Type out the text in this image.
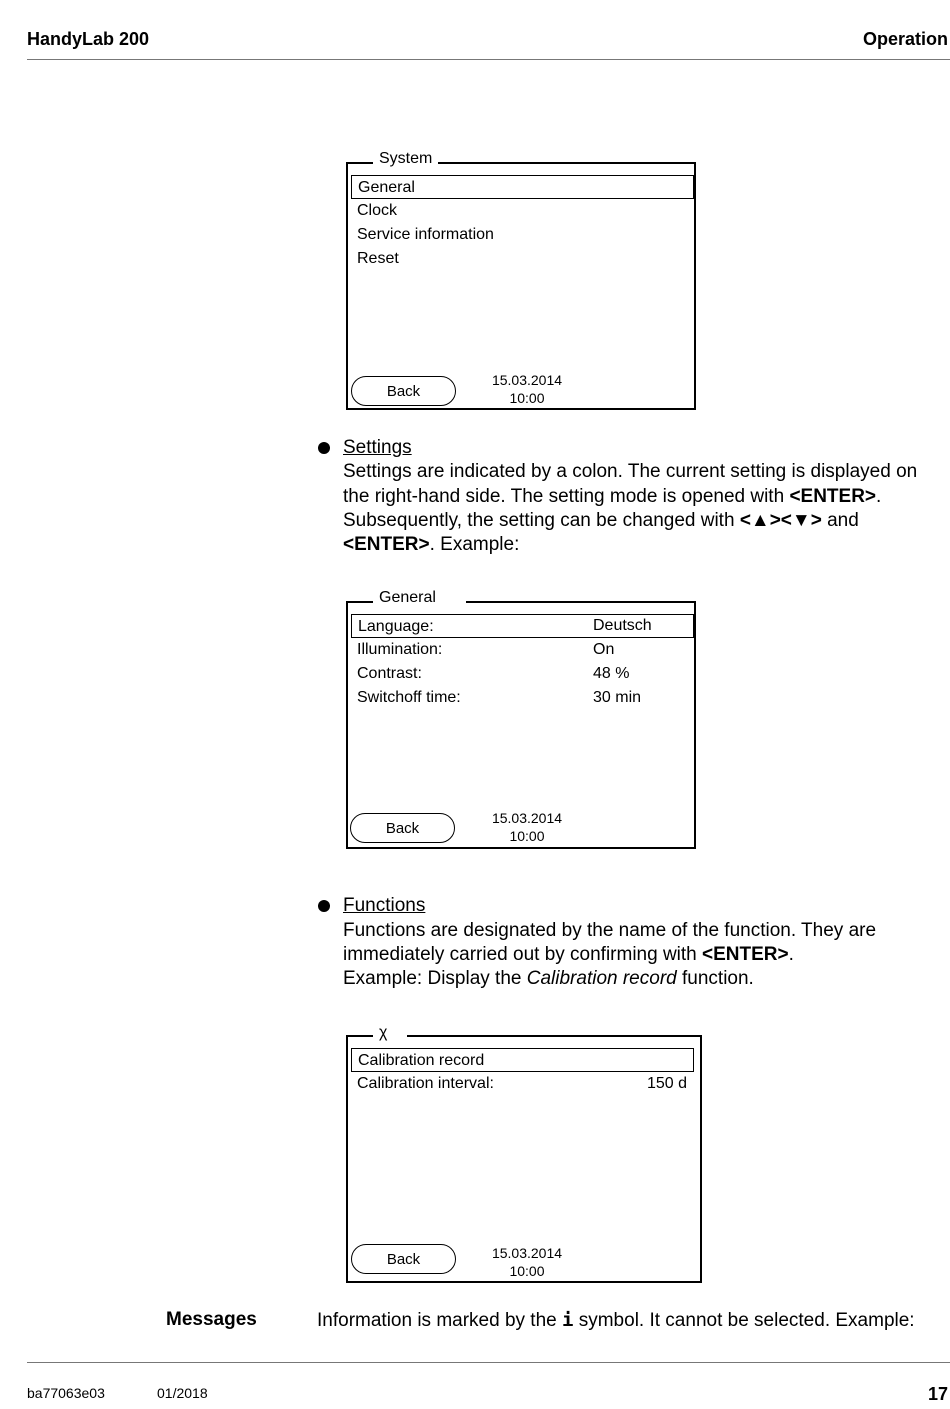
HandyLab 200	Operation
System
General
Clock
Service information
Reset
Back
15.03.2014
10:00
Settings
Settings are indicated by a colon. The current setting is displayed on
the right-hand side. The setting mode is opened with <ENTER>.
Subsequently, the setting can be changed with <▲><▼> and
<ENTER>. Example:
General
Language:	Deutsch
Illumination:	On
Contrast:	48 %
Switchoff time:	30 min
Back
15.03.2014
10:00
Functions
Functions are designated by the name of the function. They are
immediately carried out by confirming with <ENTER>.
Example: Display the Calibration record function.
χ
Calibration record
Calibration interval:	150 d
Back	15.03.2014
10:00
Messages	Information is marked by the i symbol. It cannot be selected. Example:
ba77063e03	01/2018	17
